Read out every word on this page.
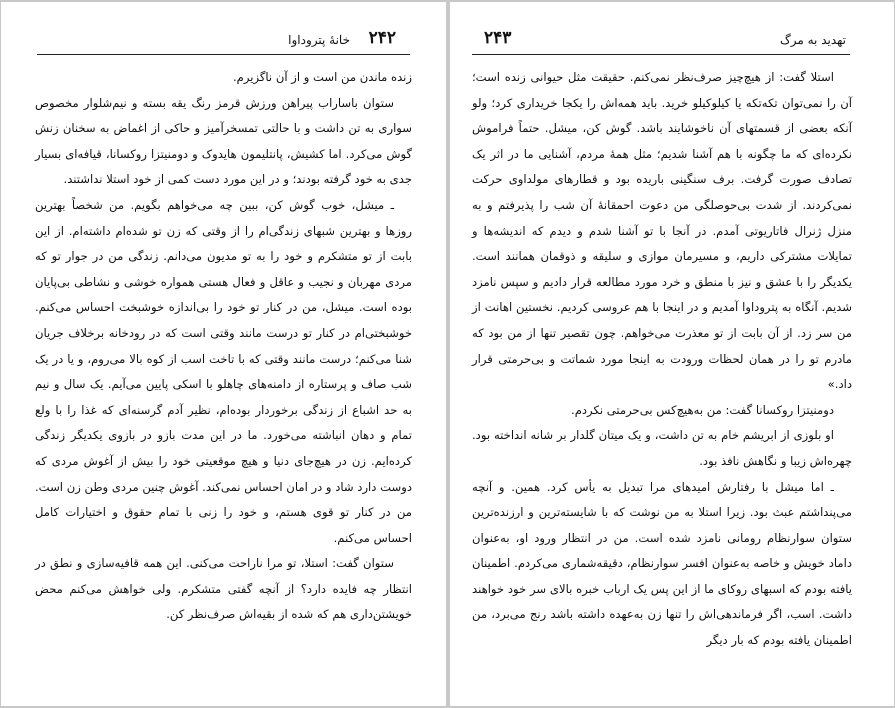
۲۴۲
خانهٔ پتروداوا

زنده ماندن من است و از آن ناگزیرم.

ستوان باساراب پیراهن ورزش قرمز رنگ یقه بسته و نیم‌شلوار مخصوص سواری به تن داشت و با حالتی تمسخرآمیز و حاکی از اغماض به سخنان زنش گوش می‌کرد. اما کشیش، پانتلیمون هایدوک و دومنیتزا روکسانا، قیافه‌ای بسیار جدی به خود گرفته بودند؛ و در این مورد دست کمی از خود استلا نداشتند.

ـ میشل، خوب گوش کن، ببین چه می‌خواهم بگویم. من شخصاً بهترین روزها و بهترین شبهای زندگی‌ام را از وقتی که زن تو شده‌ام داشته‌ام. از این بابت از تو متشکرم و خود را به تو مدیون می‌دانم. زندگی من در جوار تو که مردی مهربان و نجیب و عاقل و فعال هستی همواره خوشی و نشاطی بی‌پایان بوده است. میشل، من در کنار تو خود را بی‌اندازه خوشبخت احساس می‌کنم. خوشبختی‌ام در کنار تو درست مانند وقتی است که در رودخانه برخلاف جریان شنا می‌کنم؛ درست مانند وقتی که با تاخت اسب از کوه بالا می‌روم، و یا در یک شب صاف و پرستاره از دامنه‌های چاهلو با اسکی پایین می‌آیم. یک سال و نیم به حد اشباع از زندگی برخوردار بوده‌ام، نظیر آدم گرسنه‌ای که غذا را با ولع تمام و دهان انباشته می‌خورد. ما در این مدت بازو در بازوی یکدیگر زندگی کرده‌ایم. زن در هیچ‌جای دنیا و هیچ موقعیتی خود را بیش از آغوش مردی که دوست دارد شاد و در امان احساس نمی‌کند. آغوش چنین مردی وطن زن است. من در کنار تو قوی هستم، و خود را زنی با تمام حقوق و اختیارات کامل احساس می‌کنم.

ستوان گفت: استلا، تو مرا ناراحت می‌کنی. این همه قافیه‌سازی و نطق در انتظار چه فایده دارد؟ از آنچه گفتی متشکرم. ولی خواهش می‌کنم محض خویشتن‌داری هم که شده از بقیه‌اش صرف‌نظر کن.

۲۴۳	تهدید به مرگ

استلا گفت: از هیچ‌چیز صرف‌نظر نمی‌کنم. حقیقت مثل حیوانی زنده است؛ آن را نمی‌توان تکه‌تکه یا کیلوکیلو خرید. باید همه‌اش را یکجا خریداری کرد؛ ولو آنکه بعضی از قسمتهای آن ناخوشایند باشد. گوش کن، میشل. حتماً فراموش نکرده‌ای که ما چگونه با هم آشنا شدیم؛ مثل همهٔ مردم، آشنایی ما در اثر یک تصادف صورت گرفت. برف سنگینی باریده بود و قطارهای مولداوی حرکت نمی‌کردند. از شدت بی‌حوصلگی من دعوت احمقانهٔ آن شب را پذیرفتم و به منزل ژنرال فاتاریوتی آمدم. در آنجا با تو آشنا شدم و دیدم که اندیشه‌ها و تمایلات مشترکی داریم، و مسیرمان موازی و سلیقه و ذوقمان همانند است. یکدیگر را با عشق و نیز با منطق و خرد مورد مطالعه قرار دادیم و سپس نامزد شدیم. آنگاه به پتروداوا آمدیم و در اینجا با هم عروسی کردیم. نخستین اهانت از من سر زد. از آن بابت از تو معذرت می‌خواهم. چون تقصیر تنها از من بود که مادرم تو را در همان لحظات ورودت به اینجا مورد شماتت و بی‌حرمتی قرار داد.»

دومنیتزا روکسانا گفت: من به‌هیچ‌کس بی‌حرمتی نکردم.

او بلوزی از ابریشم خام به تن داشت، و یک میتان گلدار بر شانه انداخته بود. چهره‌اش زیبا و نگاهش نافذ بود.

ـ اما میشل با رفتارش امیدهای مرا تبدیل به یأس کرد. همین. و آنچه می‌پنداشتم عبث بود. زیرا استلا به من نوشت که با شایسته‌ترین و ارزنده‌ترین ستوان سوارنظام رومانی نامزد شده است. من در انتظار ورود او، به‌عنوان داماد خویش و خاصه به‌عنوان افسر سوارنظام، دقیقه‌شماری می‌کردم. اطمینان یافته بودم که اسبهای روکای ما از این پس یک ارباب خبره بالای سر خود خواهند داشت. اسب، اگر فرماندهی‌اش را تنها زن به‌عهده داشته باشد رنج می‌برد، من اطمینان یافته بودم که بار دیگر
